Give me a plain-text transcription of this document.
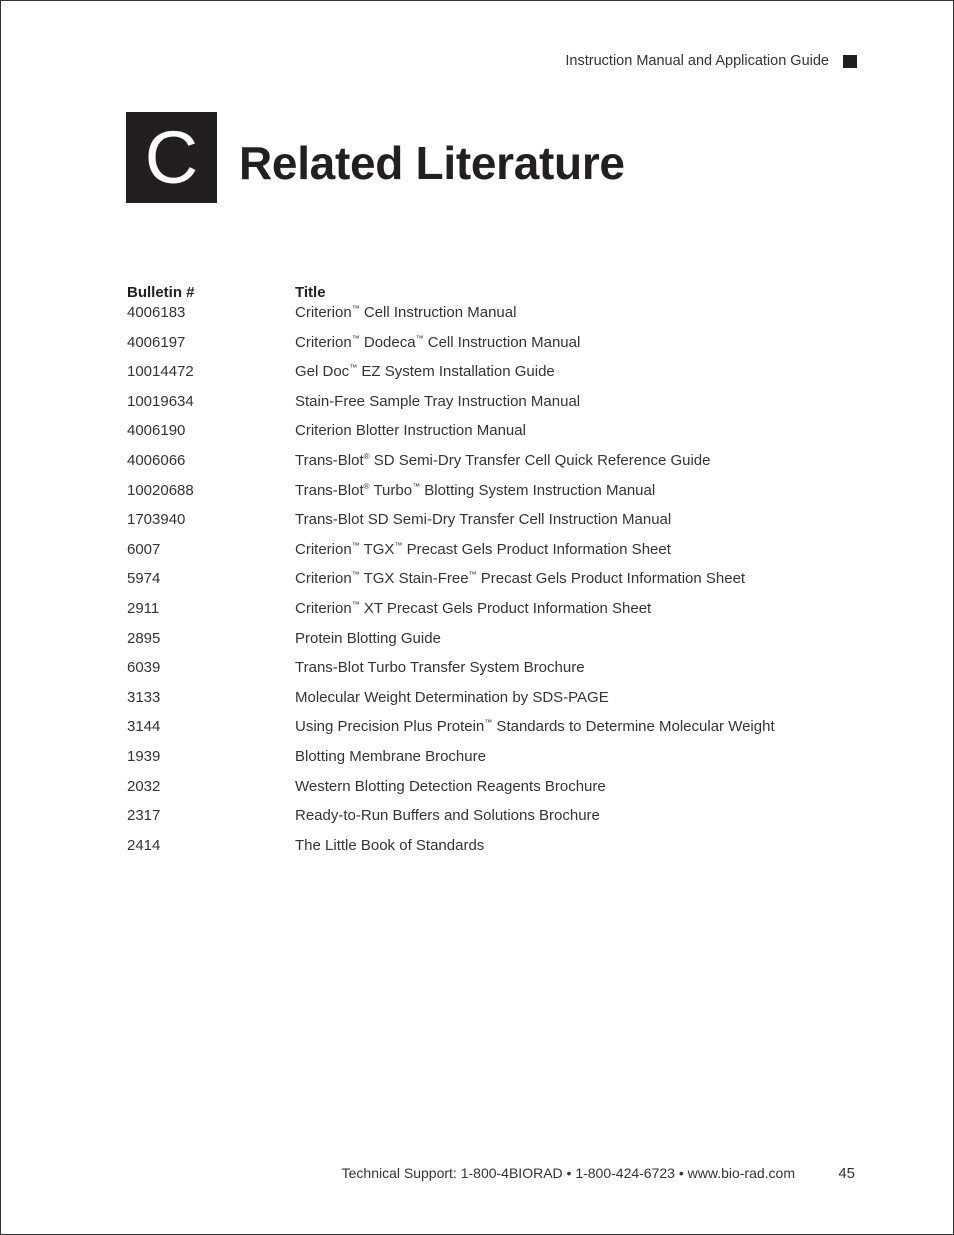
Instruction Manual and Application Guide
C Related Literature
Bulletin #	Title
4006183	Criterion™ Cell Instruction Manual
4006197	Criterion™ Dodeca™ Cell Instruction Manual
10014472	Gel Doc™ EZ System Installation Guide
10019634	Stain-Free Sample Tray Instruction Manual
4006190	Criterion Blotter Instruction Manual
4006066	Trans-Blot® SD Semi-Dry Transfer Cell Quick Reference Guide
10020688	Trans-Blot® Turbo™ Blotting System Instruction Manual
1703940	Trans-Blot SD Semi-Dry Transfer Cell Instruction Manual
6007	Criterion™ TGX™ Precast Gels Product Information Sheet
5974	Criterion™ TGX Stain-Free™ Precast Gels Product Information Sheet
2911	Criterion™ XT Precast Gels Product Information Sheet
2895	Protein Blotting Guide
6039	Trans-Blot Turbo Transfer System Brochure
3133	Molecular Weight Determination by SDS-PAGE
3144	Using Precision Plus Protein™ Standards to Determine Molecular Weight
1939	Blotting Membrane Brochure
2032	Western Blotting Detection Reagents Brochure
2317	Ready-to-Run Buffers and Solutions Brochure
2414	The Little Book of Standards
Technical Support: 1-800-4BIORAD • 1-800-424-6723 • www.bio-rad.com	45
